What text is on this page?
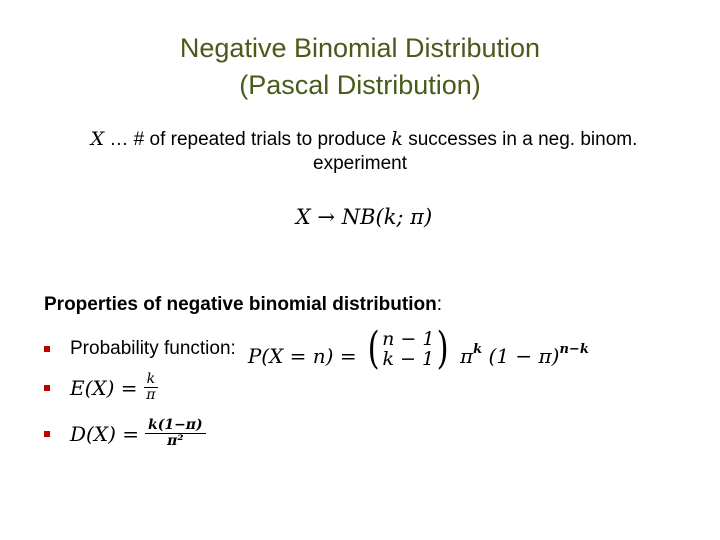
Negative Binomial Distribution
(Pascal Distribution)
X … # of repeated trials to produce k successes in a neg. binom.
experiment
X → NB(k; π)
Properties of negative binomial distribution:
Probability function: P(X = n) = ( n − 1
k − 1 ) $\pi^k$ $(1 - \pi)^{n-k}$
$E(X) = \frac{k}{\pi}$
$D(X) = \frac{k(1-\pi)}{\text{π²}}$
